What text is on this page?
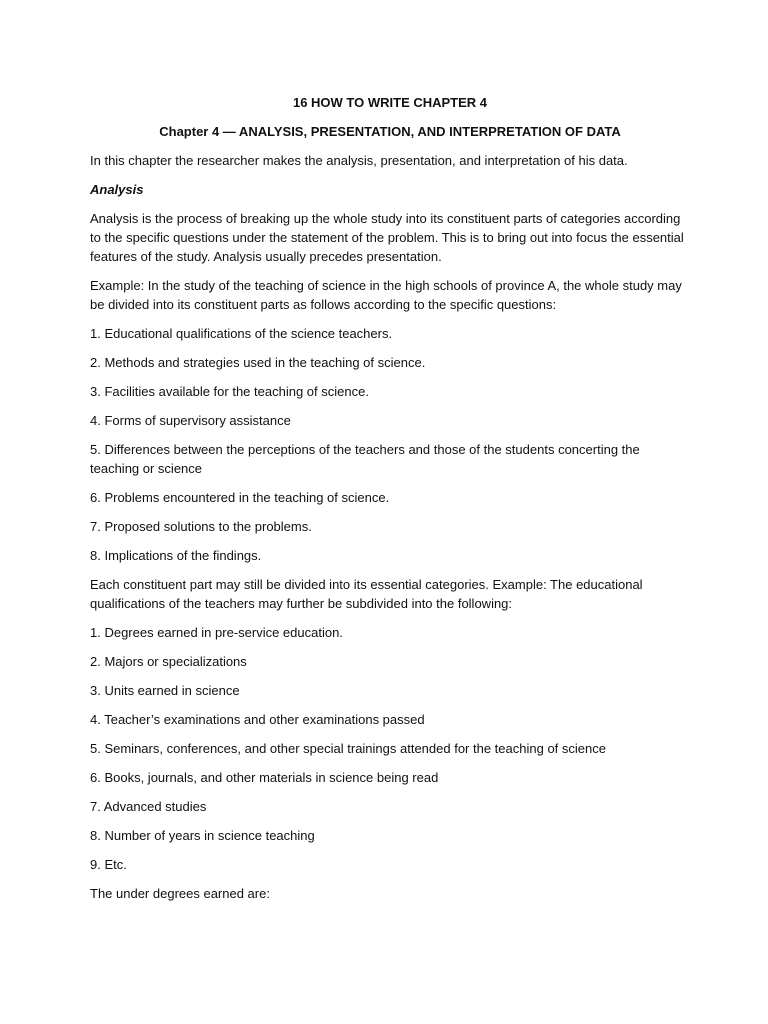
16 HOW TO WRITE CHAPTER 4
Chapter 4 — ANALYSIS, PRESENTATION, AND INTERPRETATION OF DATA
In this chapter the researcher makes the analysis, presentation, and interpretation of his data.
Analysis
Analysis is the process of breaking up the whole study into its constituent parts of categories according to the specific questions under the statement of the problem. This is to bring out into focus the essential features of the study. Analysis usually precedes presentation.
Example: In the study of the teaching of science in the high schools of province A, the whole study may be divided into its constituent parts as follows according to the specific questions:
1. Educational qualifications of the science teachers.
2. Methods and strategies used in the teaching of science.
3. Facilities available for the teaching of science.
4. Forms of supervisory assistance
5. Differences between the perceptions of the teachers and those of the students concerting the teaching or science
6. Problems encountered in the teaching of science.
7. Proposed solutions to the problems.
8. Implications of the findings.
Each constituent part may still be divided into its essential categories. Example: The educational qualifications of the teachers may further be subdivided into the following:
1. Degrees earned in pre-service education.
2. Majors or specializations
3. Units earned in science
4. Teacher’s examinations and other examinations passed
5. Seminars, conferences, and other special trainings attended for the teaching of science
6. Books, journals, and other materials in science being read
7. Advanced studies
8. Number of years in science teaching
9. Etc.
The under degrees earned are:
